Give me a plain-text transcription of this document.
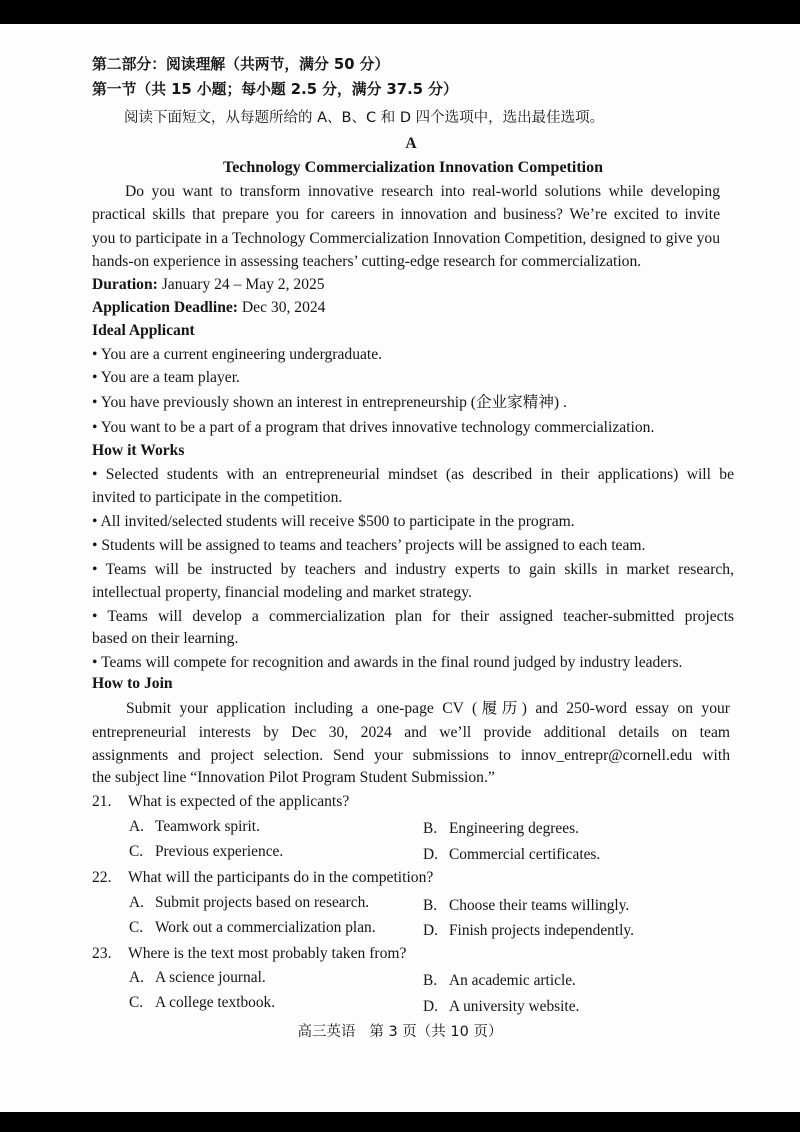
第二部分：阅读理解（共两节，满分 50 分）
第一节（共 15 小题；每小题 2.5 分，满分 37.5 分）
阅读下面短文，从每题所给的 A、B、C 和 D 四个选项中，选出最佳选项。
A
Technology Commercialization Innovation Competition
Do you want to transform innovative research into real-world solutions while developing
practical skills that prepare you for careers in innovation and business? We’re excited to invite
you to participate in a Technology Commercialization Innovation Competition, designed to give you
hands-on experience in assessing teachers’ cutting-edge research for commercialization.
Duration: January 24 – May 2, 2025
Application Deadline: Dec 30, 2024
Ideal Applicant
• You are a current engineering undergraduate.
• You are a team player.
• You have previously shown an interest in entrepreneurship (企业家精神) .
• You want to be a part of a program that drives innovative technology commercialization.
How it Works
• Selected students with an entrepreneurial mindset (as described in their applications) will be
invited to participate in the competition.
• All invited/selected students will receive $500 to participate in the program.
• Students will be assigned to teams and teachers’ projects will be assigned to each team.
• Teams will be instructed by teachers and industry experts to gain skills in market research,
intellectual property, financial modeling and market strategy.
• Teams will develop a commercialization plan for their assigned teacher-submitted projects
based on their learning.
• Teams will compete for recognition and awards in the final round judged by industry leaders.
How to Join
Submit your application including a one-page CV (履历) and 250-word essay on your
entrepreneurial interests by Dec 30, 2024 and we’ll provide additional details on team
assignments and project selection. Send your submissions to innov_entrepr@cornell.edu with
the subject line “Innovation Pilot Program Student Submission.”
21. What is expected of the applicants?
A. Teamwork spirit.	B. Engineering degrees.
C. Previous experience.	D. Commercial certificates.
22. What will the participants do in the competition?
A. Submit projects based on research.	B. Choose their teams willingly.
C. Work out a commercialization plan.	D. Finish projects independently.
23. Where is the text most probably taken from?
A. A science journal.	B. An academic article.
C. A college textbook.	D. A university website.
高三英语   第 3 页（共 10 页）
